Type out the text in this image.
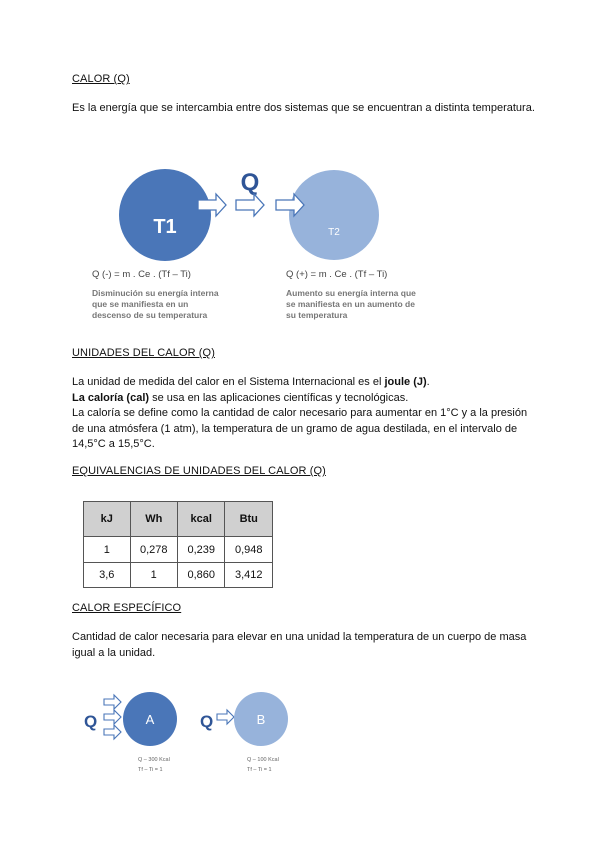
CALOR (Q)
Es la energía que se intercambia entre dos sistemas que se encuentran a distinta temperatura.
T1	T2
Q
Q (-) = m . Ce . (Tf – Ti)	Q (+) = m . Ce . (Tf – Ti)
Disminución su energía interna
que se manifiesta en un
descenso de su temperatura
Aumento su energía interna que
se manifiesta en un aumento de
su temperatura
UNIDADES DEL CALOR (Q)
La unidad de medida del calor en el Sistema Internacional es el joule (J).
La caloría (cal) se usa en las aplicaciones científicas y tecnológicas.
La caloría se define como la cantidad de calor necesario para aumentar en 1°C y a la presión de una atmósfera (1 atm), la temperatura de un gramo de agua destilada, en el intervalo de 14,5°C a 15,5°C.
EQUIVALENCIAS DE UNIDADES DEL CALOR (Q)
kJ	Wh	kcal	Btu
1	0,278	0,239	0,948
3,6	1	0,860	3,412
CALOR ESPECÍFICO
Cantidad de calor necesaria para elevar en una unidad la temperatura de un cuerpo de masa igual a la unidad.
Q	A	Q	B
Q – 300 Kcal
Tf – Ti = 1
Q – 100 Kcal
Tf – Ti = 1
